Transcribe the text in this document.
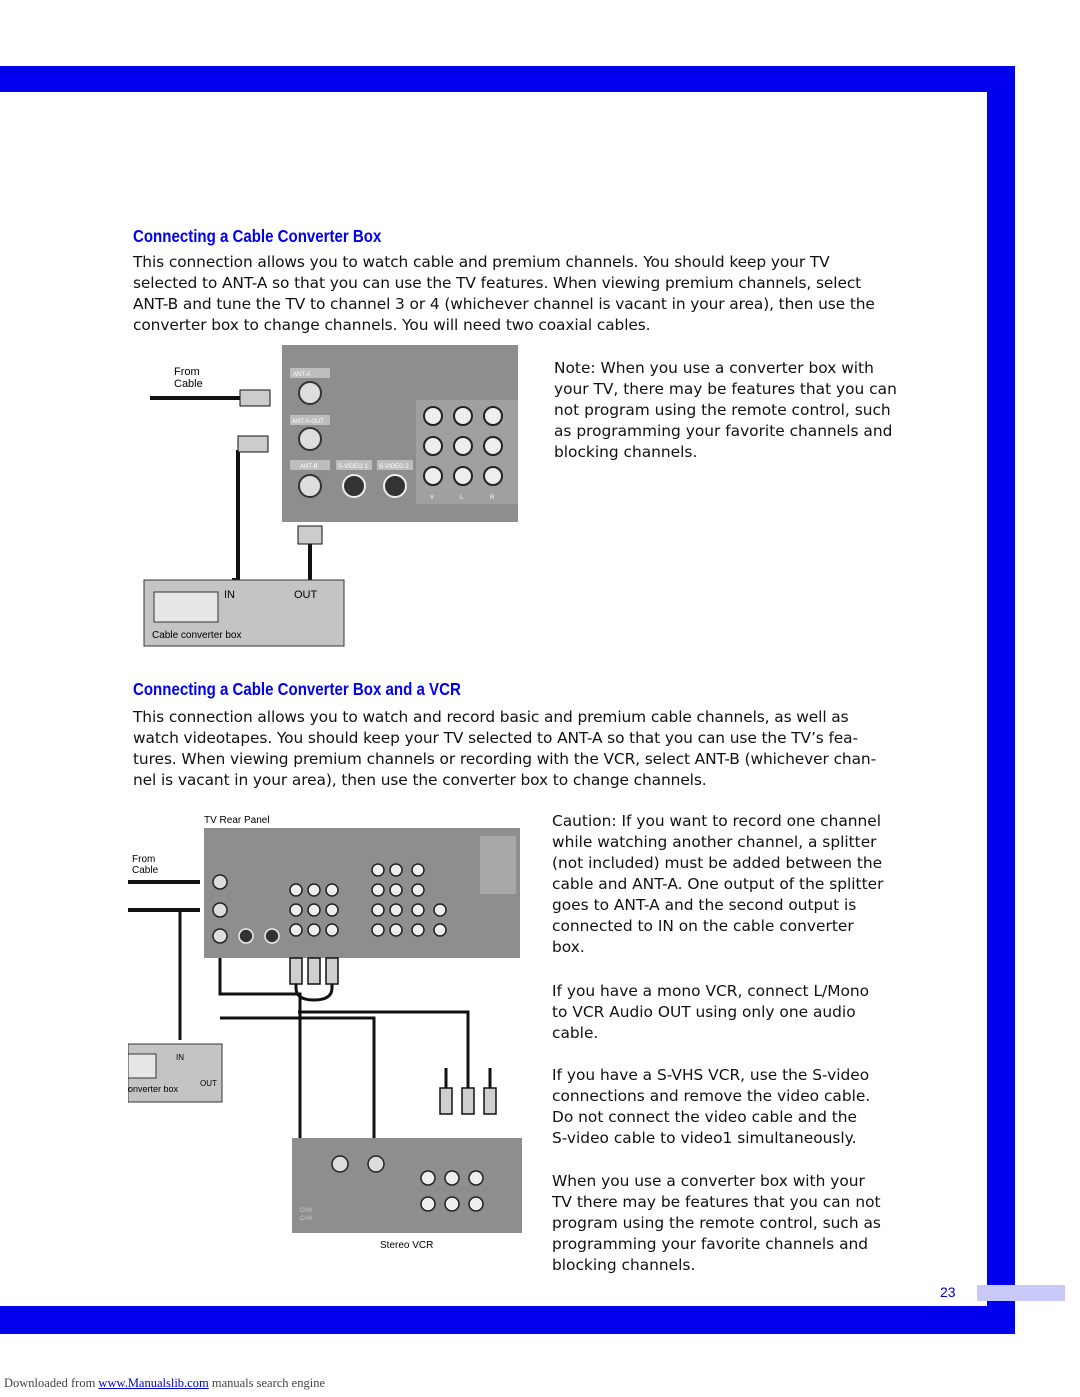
23
Connecting a Cable Converter Box
This connection allows you to watch cable and premium channels. You should keep your TV
selected to ANT-A so that you can use the TV features. When viewing premium channels, select
ANT-B and tune the TV to channel 3 or 4 (whichever channel is vacant in your area), then use the
converter box to change channels. You will need two coaxial cables.
From
Cable
ANT-A
ANT A-OUT
ANT-B	S-VIDEO 1 S-VIDEO 2
V	L	R
IN	OUT
Cable converter box
Note: When you use a converter box with
your TV, there may be features that you can
not program using the remote control, such
as programming your favorite channels and
blocking channels.
Connecting a Cable Converter Box and a VCR
This connection allows you to watch and record basic and premium cable channels, as well as
watch videotapes. You should keep your TV selected to ANT-A so that you can use the TV’s fea-
tures. When viewing premium channels or recording with the VCR, select ANT-B (whichever chan-
nel is vacant in your area), then use the converter box to change channels.
TV Rear Panel
From
Cable
IN
OUT
onverter box
CH3
CH4
Stereo VCR
Caution: If you want to record one channel
while watching another channel, a splitter
(not included) must be added between the
cable and ANT-A. One output of the splitter
goes to ANT-A and the second output is
connected to IN on the cable converter
box.
If you have a mono VCR, connect L/Mono
to VCR Audio OUT using only one audio
cable.
If you have a S-VHS VCR, use the S-video
connections and remove the video cable.
Do not connect the video cable and the
S-video cable to video1 simultaneously.
When you use a converter box with your
TV there may be features that you can not
program using the remote control, such as
programming your favorite channels and
blocking channels.
Downloaded from www.Manualslib.com manuals search engine
